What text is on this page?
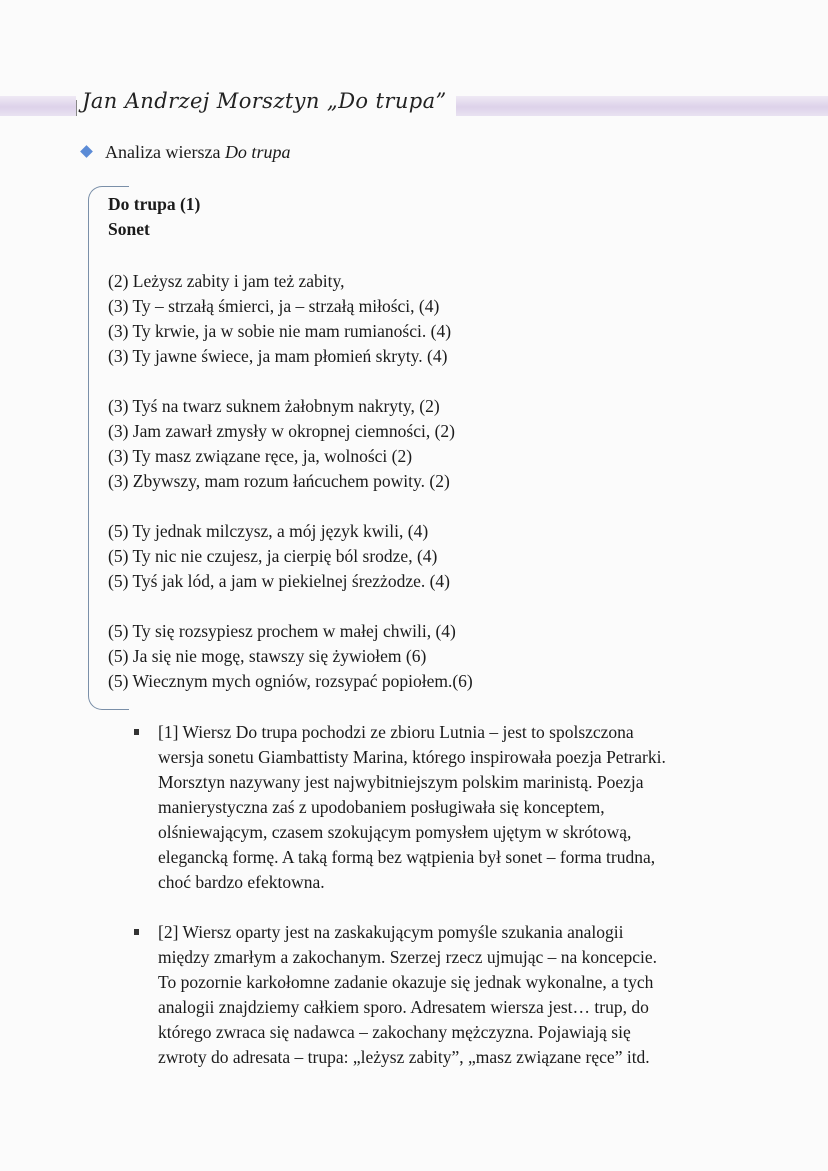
Jan Andrzej Morsztyn „Do trupa”
Analiza wiersza Do trupa
Do trupa (1)
Sonet
(2) Leżysz zabity i jam też zabity,
(3) Ty – strzałą śmierci, ja – strzałą miłości, (4)
(3) Ty krwie, ja w sobie nie mam rumianości. (4)
(3) Ty jawne świece, ja mam płomień skryty. (4)
(3) Tyś na twarz suknem żałobnym nakryty, (2)
(3) Jam zawarł zmysły w okropnej ciemności, (2)
(3) Ty masz związane ręce, ja, wolności (2)
(3) Zbywszy, mam rozum łańcuchem powity. (2)
(5) Ty jednak milczysz, a mój język kwili, (4)
(5) Ty nic nie czujesz, ja cierpię ból srodze, (4)
(5) Tyś jak lód, a jam w piekielnej śrezżodze. (4)
(5) Ty się rozsypiesz prochem w małej chwili, (4)
(5) Ja się nie mogę, stawszy się żywiołem (6)
(5) Wiecznym mych ogniów, rozsypać popiołem.(6)
[1] Wiersz Do trupa pochodzi ze zbioru Lutnia – jest to spolszczona
wersja sonetu Giambattisty Marina, którego inspirowała poezja Petrarki.
Morsztyn nazywany jest najwybitniejszym polskim marinistą. Poezja
manierystyczna zaś z upodobaniem posługiwała się konceptem,
olśniewającym, czasem szokującym pomysłem ujętym w skrótową,
elegancką formę. A taką formą bez wątpienia był sonet – forma trudna,
choć bardzo efektowna.
[2] Wiersz oparty jest na zaskakującym pomyśle szukania analogii
między zmarłym a zakochanym. Szerzej rzecz ujmując – na koncepcie.
To pozornie karkołomne zadanie okazuje się jednak wykonalne, a tych
analogii znajdziemy całkiem sporo. Adresatem wiersza jest… trup, do
którego zwraca się nadawca – zakochany mężczyzna. Pojawiają się
zwroty do adresata – trupa: „leżysz zabity”, „masz związane ręce” itd.
